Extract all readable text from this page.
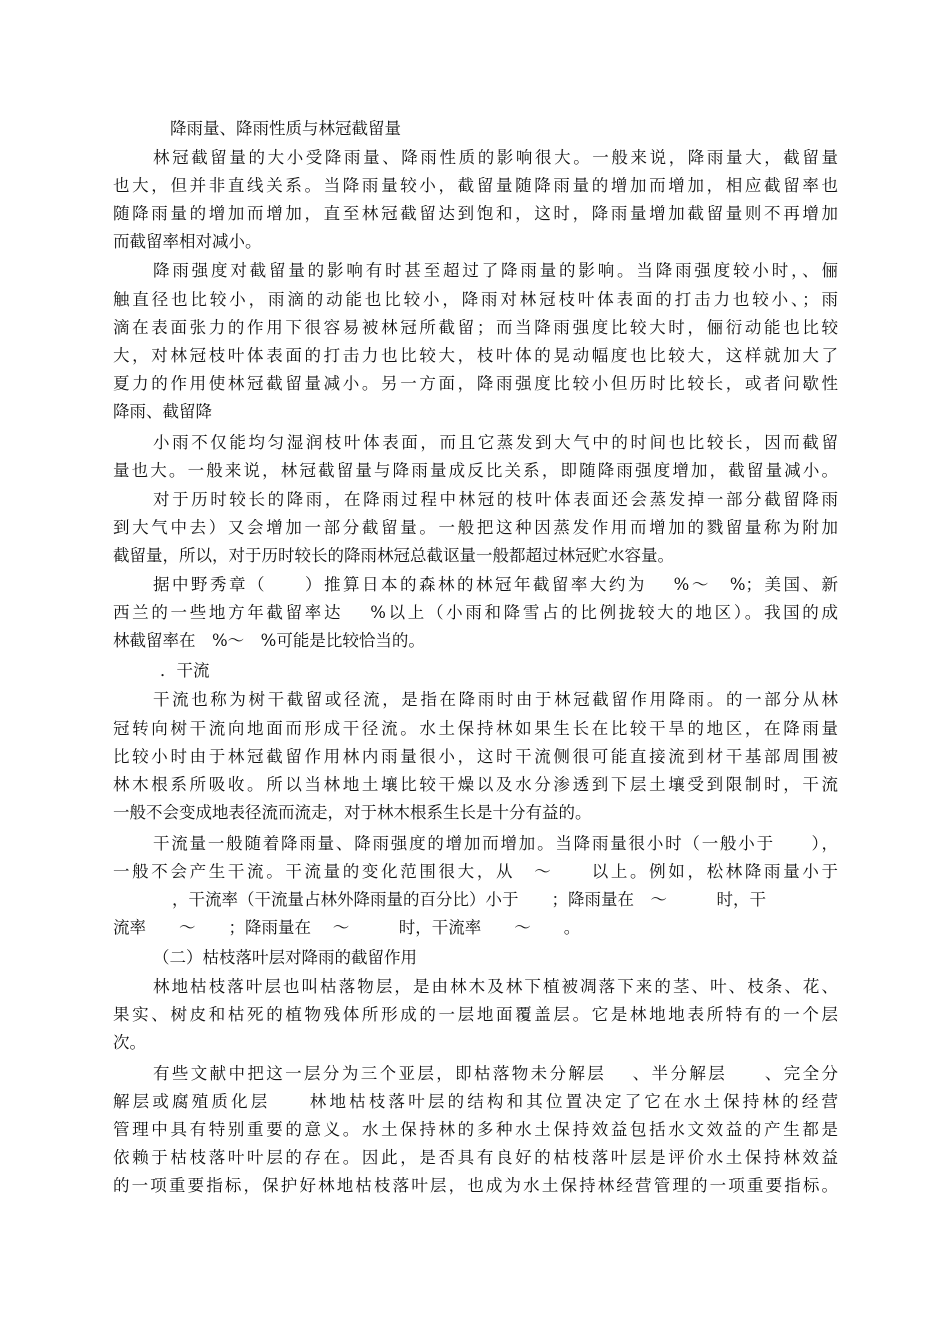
降雨量、降雨性质与林冠截留量
林冠截留量的大小受降雨量、降雨性质的影响很大。一般来说，降雨量大，截留量
也大，但并非直线关系。当降雨量较小，截留量随降雨量的增加而增加，相应截留率也
随降雨量的增加而增加，直至林冠截留达到饱和，这时，降雨量增加截留量则不再增加
而截留率相对减小。
降雨强度对截留量的影响有时甚至超过了降雨量的影响。当降雨强度较小时，、俪
触直径也比较小，雨滴的动能也比较小，降雨对林冠枝叶体表面的打击力也较小、；雨
滴在表面张力的作用下很容易被林冠所截留；而当降雨强度比较大时，俪衍动能也比较
大，对林冠枝叶体表面的打击力也比较大，枝叶体的晃动幅度也比较大，这样就加大了
夏力的作用使林冠截留量减小。另一方面，降雨强度比较小但历时比较长，或者问歇性
降雨、截留降
小雨不仅能均匀湿润枝叶体表面，而且它蒸发到大气中的时间也比较长，因而截留
量也大。一般来说，林冠截留量与降雨量成反比关系，即随降雨强度增加，截留量减小。
对于历时较长的降雨，在降雨过程中林冠的枝叶体表面还会蒸发掉一部分截留降雨
到大气中去）又会增加一部分截留量。一般把这种因蒸发作用而增加的戮留量称为附加
截留量，所以，对于历时较长的降雨林冠总截讴量一般都超过林冠贮水容量。
据中野秀章（　　）推算日本的森林的林冠年截留率大约为　 %～　%；美国、新
西兰的一些地方年截留率达　 %以上（小雨和降雪占的比例拢较大的地区）。我国的成
林截留率在　%～　%可能是比较恰当的。
．干流
干流也称为树干截留或径流，是指在降雨时由于林冠截留作用降雨。的一部分从林
冠转向树干流向地面而形成干径流。水土保持林如果生长在比较干旱的地区，在降雨量
比较小时由于林冠截留作用林内雨量很小，这时干流侧很可能直接流到材干基部周围被
林木根系所吸收。所以当林地土壤比较干燥以及水分渗透到下层土壤受到限制时，干流
一般不会变成地表径流而流走，对于林木根系生长是十分有益的。
干流量一般随着降雨量、降雨强度的增加而增加。当降雨量很小时（一般小于　　），
一般不会产生干流。干流量的变化范围很大，从　～　　以上。例如，松林降雨量小于
，干流率（干流量占林外降雨量的百分比）小于　　；降雨量在　～　　　时，干
流率　　～　　；降雨量在　 ～　　　时，干流率　　～　　。
（二）枯枝落叶层对降雨的截留作用
林地枯枝落叶层也叫枯落物层，是由林木及林下植被凋落下来的茎、叶、枝条、花、
果实、树皮和枯死的植物残体所形成的一层地面覆盖层。它是林地地表所特有的一个层
次。
有些文献中把这一层分为三个亚层，即枯落物未分解层　 、半分解层　　、完全分
解层或腐殖质化层　　林地枯枝落叶层的结构和其位置决定了它在水土保持林的经营
管理中具有特别重要的意义。水土保持林的多种水土保持效益包括水文效益的产生都是
依赖于枯枝落叶叶层的存在。因此，是否具有良好的枯枝落叶层是评价水土保持林效益
的一项重要指标，保护好林地枯枝落叶层，也成为水土保持林经营管理的一项重要指标。
